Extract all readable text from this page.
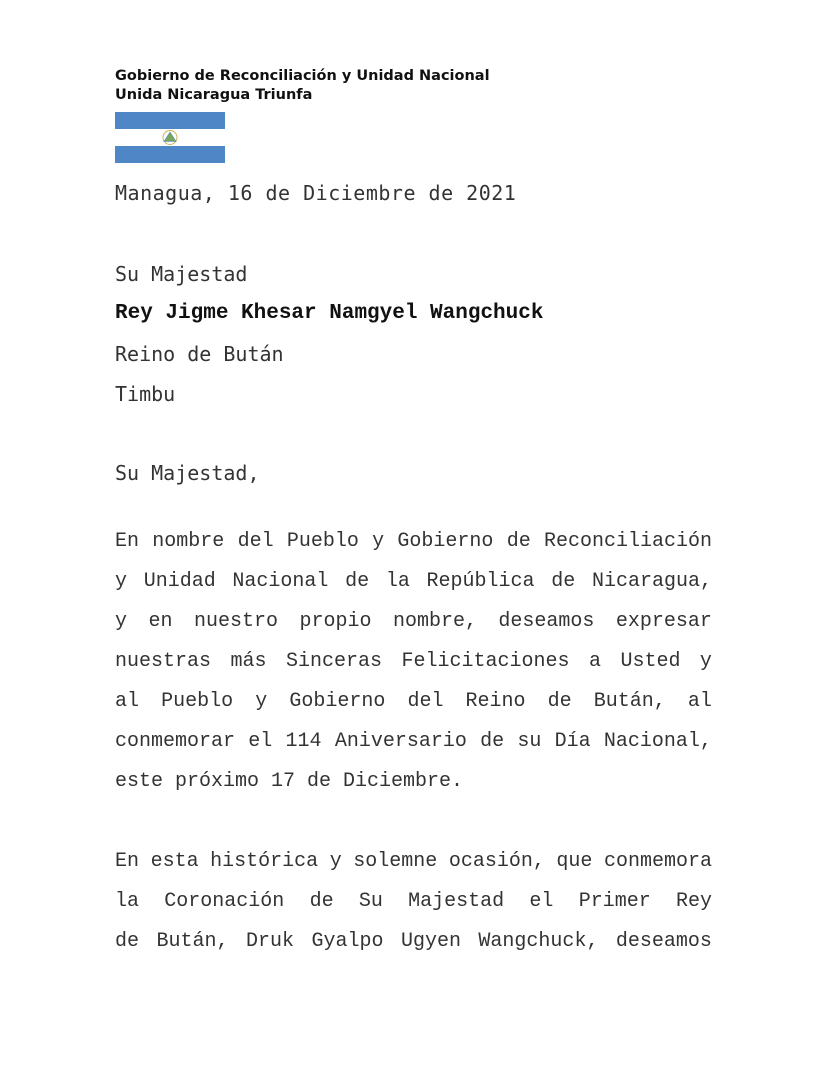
Gobierno de Reconciliación y Unidad Nacional
Unida Nicaragua Triunfa
Managua, 16 de Diciembre de 2021
Su Majestad
Rey Jigme Khesar Namgyel Wangchuck
Reino de Bután
Timbu
Su Majestad,
En nombre del Pueblo y Gobierno de Reconciliación
y Unidad Nacional de la República de Nicaragua,
y en nuestro propio nombre, deseamos expresar
nuestras más Sinceras Felicitaciones a Usted y
al Pueblo y Gobierno del Reino de Bután, al
conmemorar el 114 Aniversario de su Día Nacional,
este próximo 17 de Diciembre.
En esta histórica y solemne ocasión, que conmemora
la Coronación de Su Majestad el Primer Rey
de Bután, Druk Gyalpo Ugyen Wangchuck, deseamos
